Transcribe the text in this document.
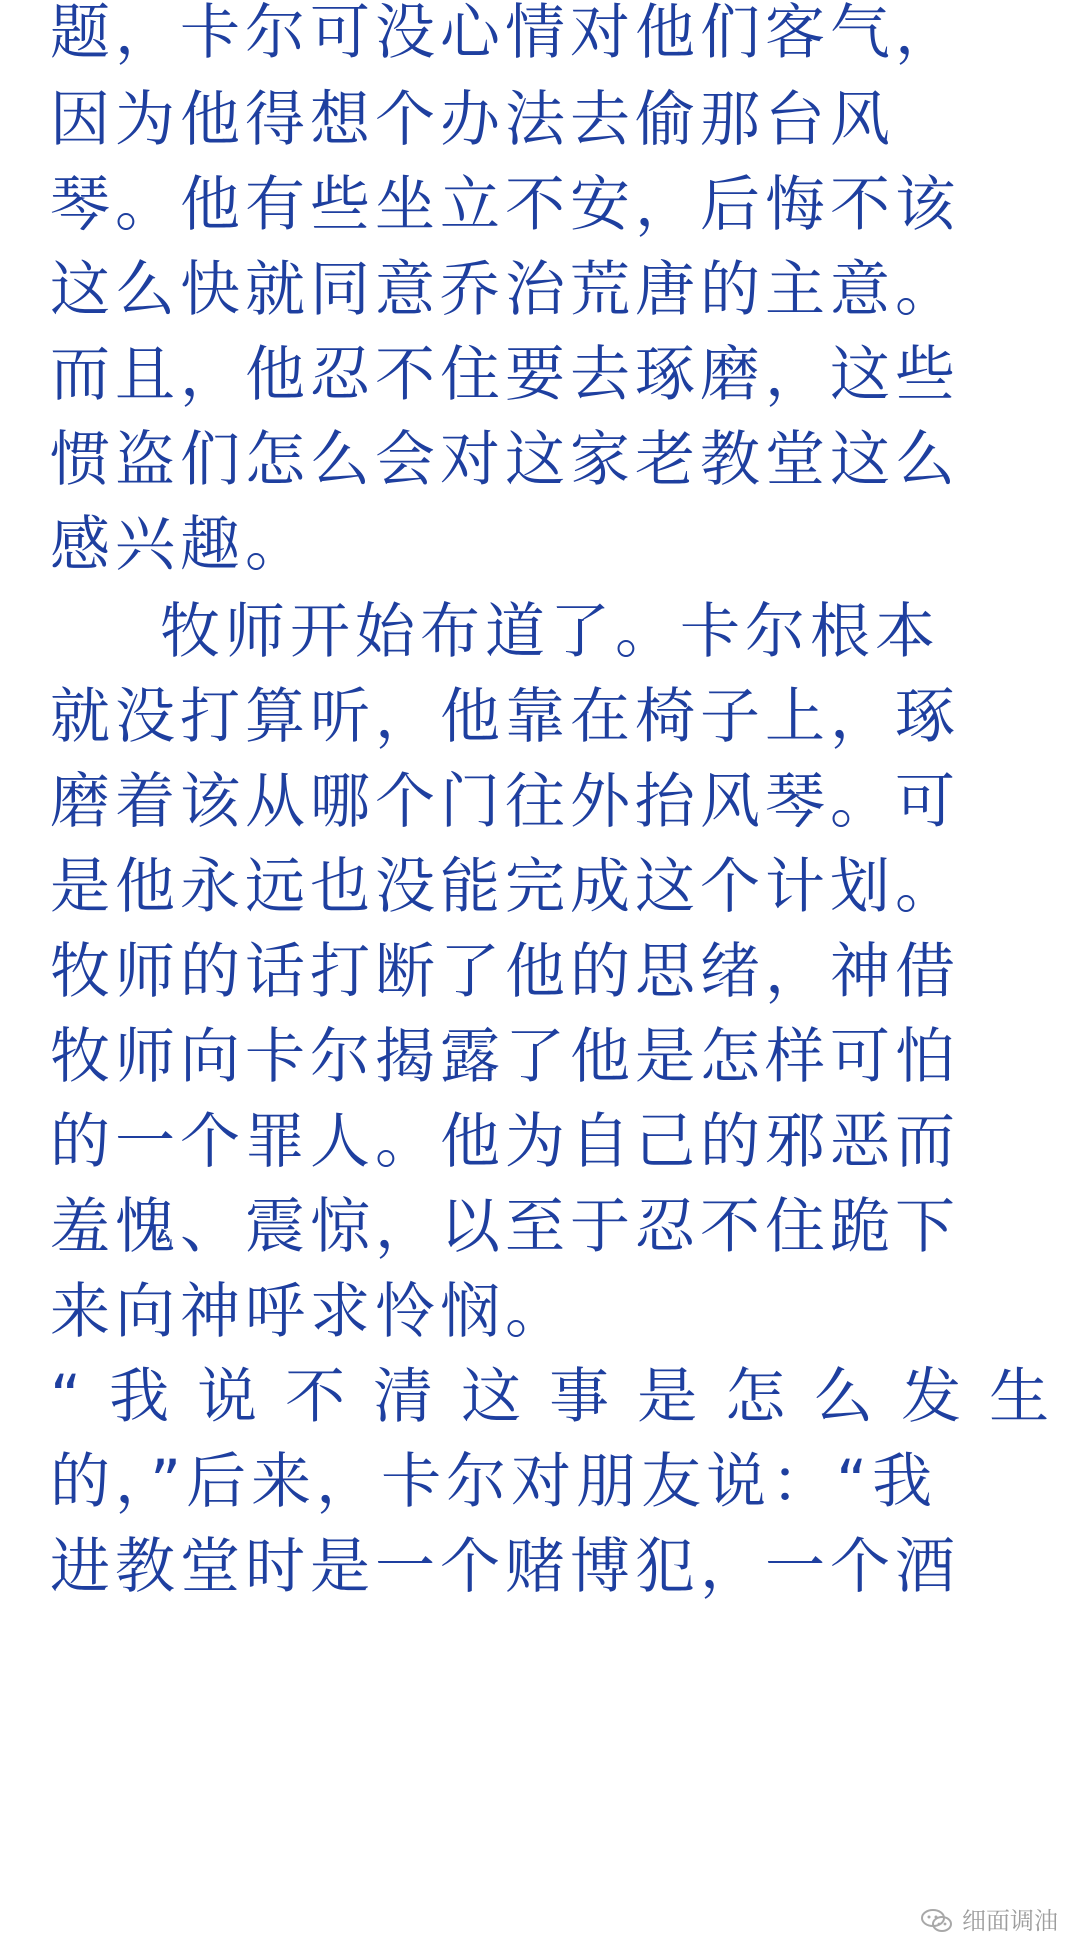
题，卡尔可没心情对他们客气，
因为他得想个办法去偷那台风
琴。他有些坐立不安，后悔不该
这么快就同意乔治荒唐的主意。
而且，他忍不住要去琢磨，这些
惯盗们怎么会对这家老教堂这么
感兴趣。
牧师开始布道了。卡尔根本
就没打算听，他靠在椅子上，琢
磨着该从哪个门往外抬风琴。可
是他永远也没能完成这个计划。
牧师的话打断了他的思绪，神借
牧师向卡尔揭露了他是怎样可怕
的一个罪人。他为自己的邪恶而
羞愧、震惊，以至于忍不住跪下
来向神呼求怜悯。
“我说不清这事是怎么发生
的，”后来，卡尔对朋友说：“我
进教堂时是一个赌博犯，一个酒
细面调油
